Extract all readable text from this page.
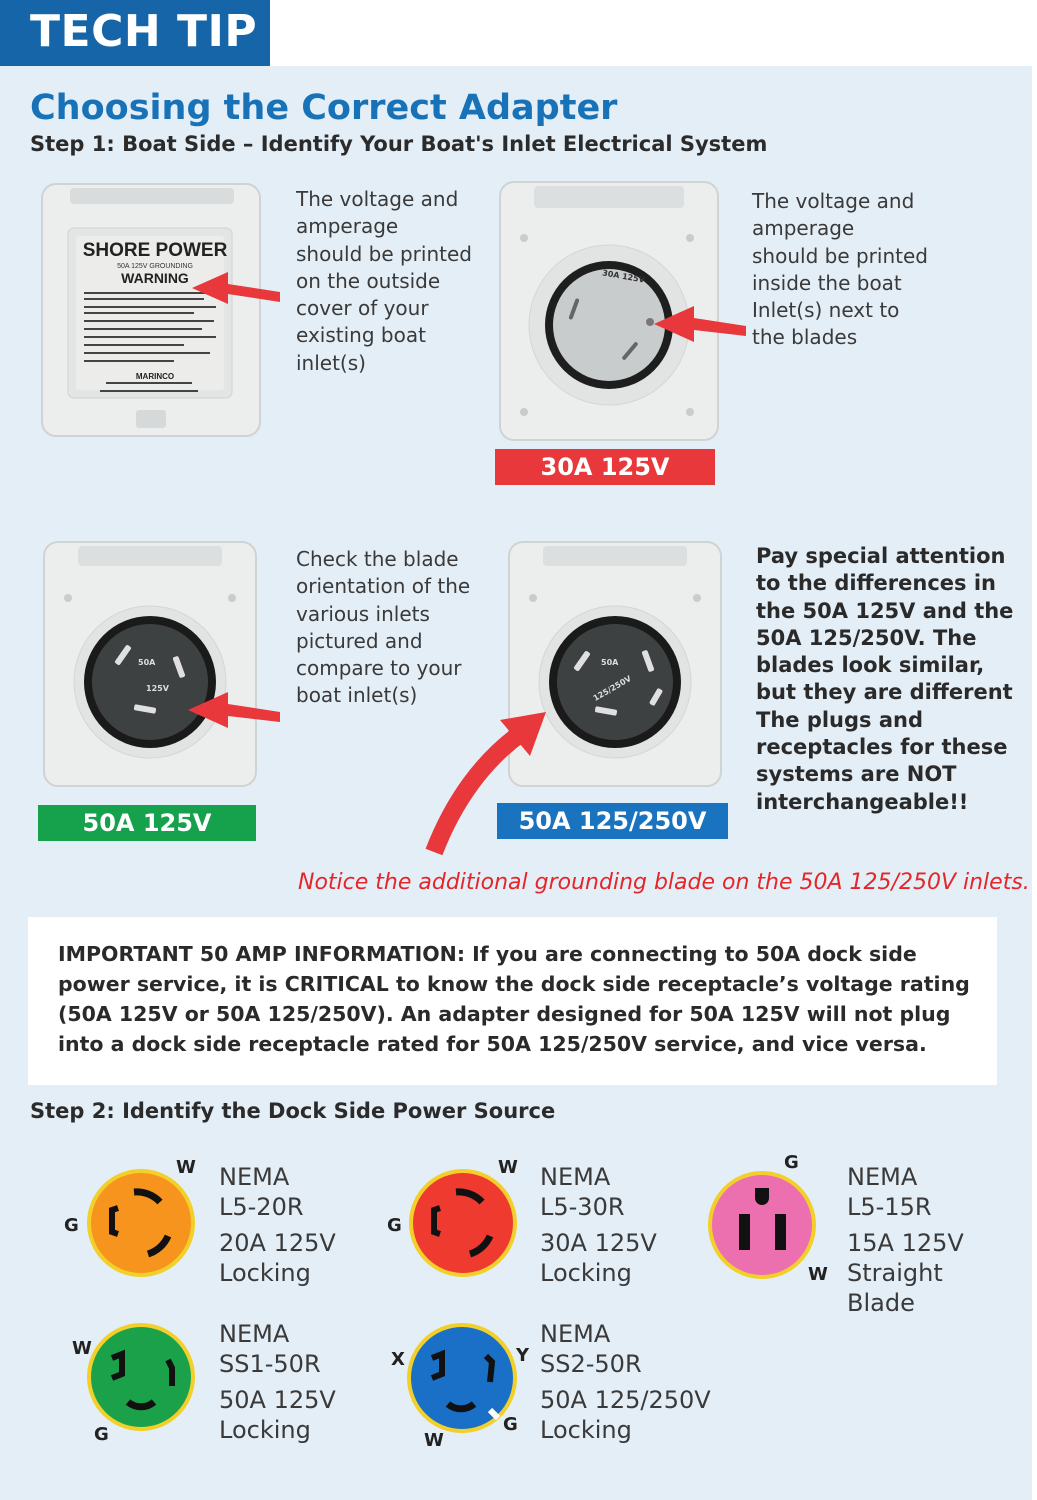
TECH TIP
Choosing the Correct Adapter
Step 1: Boat Side – Identify Your Boat's Inlet Electrical System
SHORE POWER
50A 125V GROUNDING
WARNING
MARINCO
The voltage and
amperage
should be printed
on the outside
cover of your
existing boat
inlet(s)
30A 125V
The voltage and
amperage
should be printed
inside the boat
Inlet(s) next to
the blades
30A 125V
50A
125V
Check the blade
orientation of the
various inlets
pictured and
compare to your
boat inlet(s)
50A 125V
50A
125/250V
Pay special attention
to the differences in
the 50A 125V and the
50A 125/250V. The
blades look similar,
but they are different
The plugs and
receptacles for these
systems are NOT
interchangeable!!
50A 125/250V
Notice the additional grounding blade on the 50A 125/250V inlets.

IMPORTANT 50 AMP INFORMATION: If you are connecting to 50A dock side power service, it is CRITICAL to know the dock side receptacle’s voltage rating (50A 125V or 50A 125/250V). An adapter designed for 50A 125V will not plug into a dock side receptacle rated for 50A 125/250V service, and vice versa.

Step 2: Identify the Dock Side Power Source
W
G
NEMA
L5-20R
20A 125V
Locking
W
G
NEMA
L5-30R
30A 125V
Locking
G
W
NEMA
L5-15R
15A 125V
Straight
Blade
W
G
NEMA
SS1-50R
50A 125V
Locking
X	Y
G
W
NEMA
SS2-50R
50A 125/250V
Locking
